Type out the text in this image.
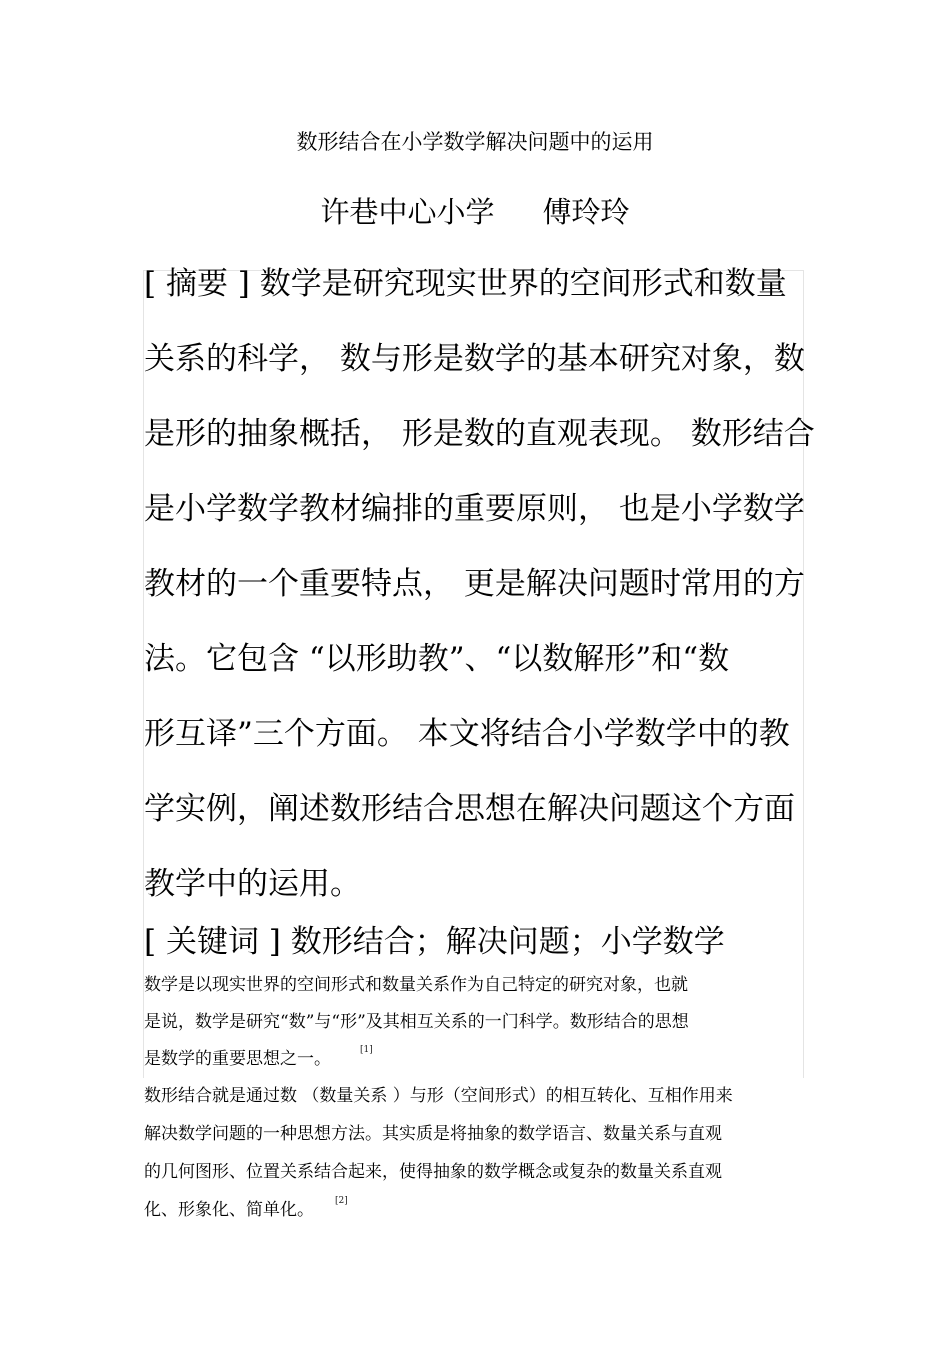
数形结合在小学数学解决问题中的运用
许巷中心小学 傅玲玲
[ 摘要 ] 数学是研究现实世界的空间形式和数量
关系的科学， 数与形是数学的基本研究对象，数
是形的抽象概括， 形是数的直观表现。 数形结合
是小学数学教材编排的重要原则， 也是小学数学
教材的一个重要特点， 更是解决问题时常用的方
法。它包含 “以形助教”、“以数解形”和“数
形互译”三个方面。 本文将结合小学数学中的教
学实例，阐述数形结合思想在解决问题这个方面
教学中的运用。
[ 关键词 ] 数形结合；解决问题；小学数学
数学是以现实世界的空间形式和数量关系作为自己特定的研究对象，也就
是说，数学是研究“数”与“形”及其相互关系的一门科学。数形结合的思想
是数学的重要思想之一。	[1]
数形结合就是通过数 （数量关系 ）与形（空间形式）的相互转化、互相作用来
解决数学问题的一种思想方法。其实质是将抽象的数学语言、数量关系与直观
的几何图形、位置关系结合起来，使得抽象的数学概念或复杂的数量关系直观
化、形象化、简单化。 [2]
